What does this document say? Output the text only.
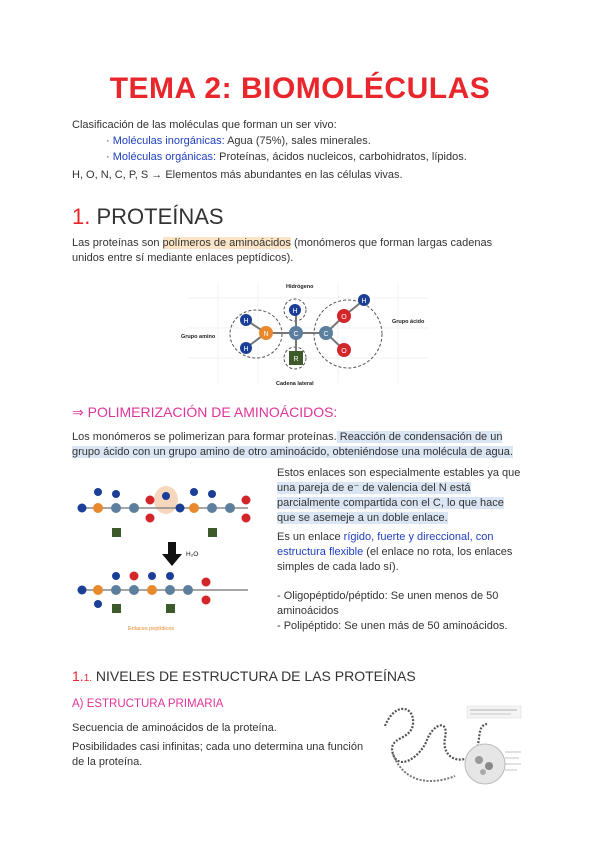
TEMA 2: BIOMOLÉCULAS
Clasificación de las moléculas que forman un ser vivo:
· Moléculas inorgánicas: Agua (75%), sales minerales.
· Moléculas orgánicas: Proteínas, ácidos nucleicos, carbohidratos, lípidos.
H, O, N, C, P, S → Elementos más abundantes en las células vivas.
1. PROTEÍNAS
Las proteínas son polímeros de aminoácidos (monómeros que forman largas cadenas
unidos entre sí mediante enlaces peptídicos).
H
H
N
H
C
R
C
O
O
H
Hidrógeno
Grupo amino
Grupo ácido
Cadena lateral
⇒ POLIMERIZACIÓN DE AMINOÁCIDOS:
Los monómeros se polimerizan para formar proteínas. Reacción de condensación de un
grupo ácido con un grupo amino de otro aminoácido, obteniéndose una molécula de agua.
Estos enlaces son especialmente estables ya que
una pareja de e⁻ de valencia del N está
parcialmente compartida con el C, lo que hace
que se asemeje a un doble enlace.
Es un enlace rígido, fuerte y direccional, con
estructura flexible (el enlace no rota, los enlaces
simples de cada lado sí).
- Oligopéptido/péptido: Se unen menos de 50
aminoácidos
- Polipéptido: Se unen más de 50 aminoácidos.
H₂O
Enlaces peptídicos
1.1. NIVELES DE ESTRUCTURA DE LAS PROTEÍNAS
A) ESTRUCTURA PRIMARIA
Secuencia de aminoácidos de la proteína.
Posibilidades casi infinitas; cada uno determina una función
de la proteína.
